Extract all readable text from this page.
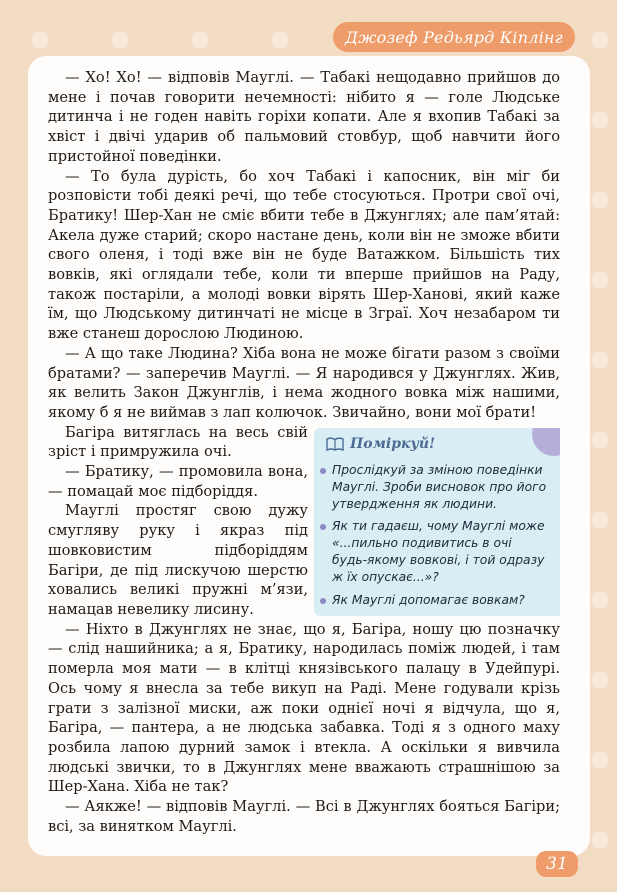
Джозеф Редьярд Кіплінг
Поміркуй!
Прослідкуй за зміною поведінки Мауглі. Зроби висновок про його утвердження як людини.
Як ти гадаєш, чому Мауглі може «...пильно подивитись в очі будь-якому вовкові, і той одразу ж їх опускає...»?
Як Мауглі допомагає вовкам?

— Хо! Хо! — відповів Мауглі. — Табакі нещодавно прийшов до мене і почав говорити нечемності: нібито я — голе Людське дитинча і не годен навіть горіхи копати. Але я вхопив Табакі за хвіст і двічі ударив об пальмовий стовбур, щоб навчити його пристойної поведінки.

— То була дурість, бо хоч Табакі і капосник, він міг би розповісти тобі деякі речі, що тебе стосуються. Протри свої очі, Братику! Шер-Хан не сміє вбити тебе в Джунглях; але пам’ятай: Акела дуже старий; скоро настане день, коли він не зможе вбити свого оленя, і тоді вже він не буде Ватажком. Більшість тих вовків, які оглядали тебе, коли ти вперше прийшов на Раду, також постаріли, а молоді вовки вірять Шер-Ханові, який каже їм, що Людському дитинчаті не місце в Зграї. Хоч незабаром ти вже станеш дорослою Людиною.

— А що таке Людина? Хіба вона не може бігати разом з своїми братами? — заперечив Мауглі. — Я народився у Джунглях. Жив, як велить Закон Джунглів, і нема жодного вовка між нашими, якому б я не виймав з лап колючок. Звичайно, вони мої брати!

Багіра витяглась на весь свій зріст і примружила очі.

— Братику, — промовила вона, — помацай моє підборіддя.

Мауглі простяг свою дужу смугляву руку і якраз під шовковистим підборіддям Багіри, де під лискучою шерстю ховались великі пружні м’язи, намацав невелику лисину.

— Ніхто в Джунглях не знає, що я, Багіра, ношу цю позначку — слід нашийника; а я, Братику, народилась поміж людей, і там померла моя мати — в клітці князівського палацу в Удейпурі. Ось чому я внесла за тебе викуп на Раді. Мене годували крізь грати з залізної миски, аж поки однієї ночі я відчула, що я, Багіра, — пантера, а не людська забавка. Тоді я з одного маху розбила лапою дурний замок і втекла. А оскільки я вивчила людські звички, то в Джунглях мене вважають страшнішою за Шер-Хана. Хіба не так?

— Аякже! — відповів Мауглі. — Всі в Джунглях бояться Багіри; всі, за винятком Мауглі.

31
